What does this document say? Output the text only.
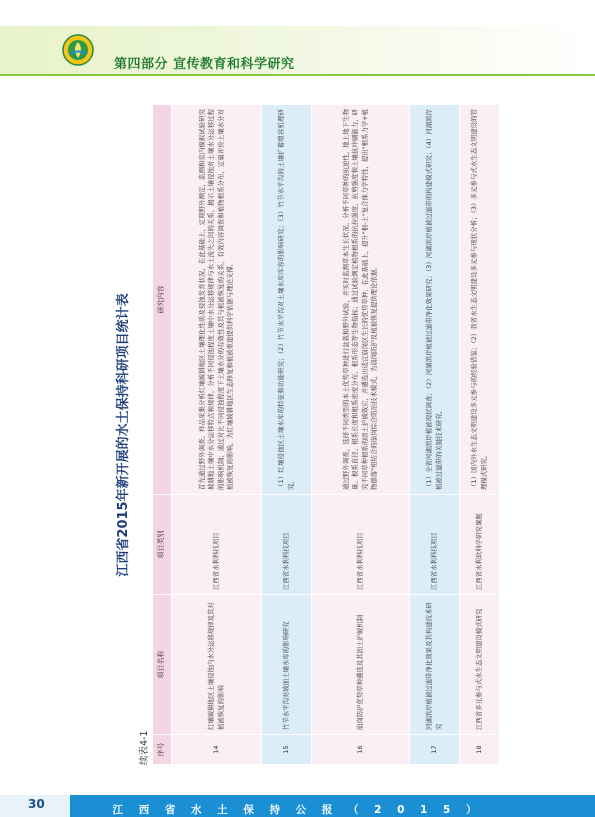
第四部分 宣传教育和科学研究
江西省2015年新开展的水土保持科研项目统计表
续表4-1 序号	项目名称	项目类别	研究内容
14	红壤坡耕地区土壤侵蚀内水分运移规律及其对植被恢复的影响	江西省水利科技项目	首先通过野外调查、样品采集分析红壤坡耕地区土壤理化性质及侵蚀发育状况，在此基础上，定期野外测定，监测和室内模拟试验研究坡耕地土壤中水分运移特点和规律，分析不同侵蚀程度土壤中水分运移规律与水土流失之间的关系，揭示土壤侵蚀对土壤水分运移过程的影响机制；通过对比不同侵蚀程度下土壤水分的有效性及其与植被恢复的关系，有效内容调查和植物根系分布，定量评价土壤水分对植被恢复的影响，为红壤坡耕地区生态修复和植被重建提供科学依据与理论支撑。
15	竹节水平沟对坡面土壤水库的影响研究	江西省水利科技项目	（1）红壤侵蚀区土壤水库的特征和功能研究；（2）竹节水平沟对土壤水库库容的影响研究；（3）竹节水平沟的土壤扩蓄增容机理研究。
16	崩岗防护优势草种遴选及其固土护坡机制	江西省水利科技项目	通过野外调查，选择不同类型的本土优势草种进行盆栽和野外试验，并实时监测草本生长状况、分析不同草种的抗逆性，地上地下生物量、根系直径、根系长度和根系密度分布、根系形态等生物指标；通过试验测定植物根系的抗拉强度、抗剪强度和土壤抗冲刷能力，研究不同草种根系的固土护坡效应，并遴选出适宜崩岗区生长的优势草种；在此基础上，提升"根-土"复合体力学特性，提出"根系力学+植物群落"相结合的崩岗综合防治技术模式，为崩岗防护及植被恢复提供理论依据。
17	河湖滨岸植被过滤带净化效果及其构建技术研究	江西省水利科技项目	（1）全省河湖滨岸植被现状调查；（2）河湖滨岸植被过滤带净化效果研究；（3）河湖滨岸植被过滤带的构建模式研究；（4）河湖滨岸植被过滤带的关键技术研究。
18	江西省多元参与式水生态文明建设模式研究	江西省水利软科学研究课题	（1）国内外水生态文明建设多元参与的经验借鉴；（2）我省水生态文明建设多元参与现状分析；（3）多元参与式水生态文明建设的管理模式研究。
30	江 西 省 水 土 保 持 公 报 （ 2 0 1 5 ）
